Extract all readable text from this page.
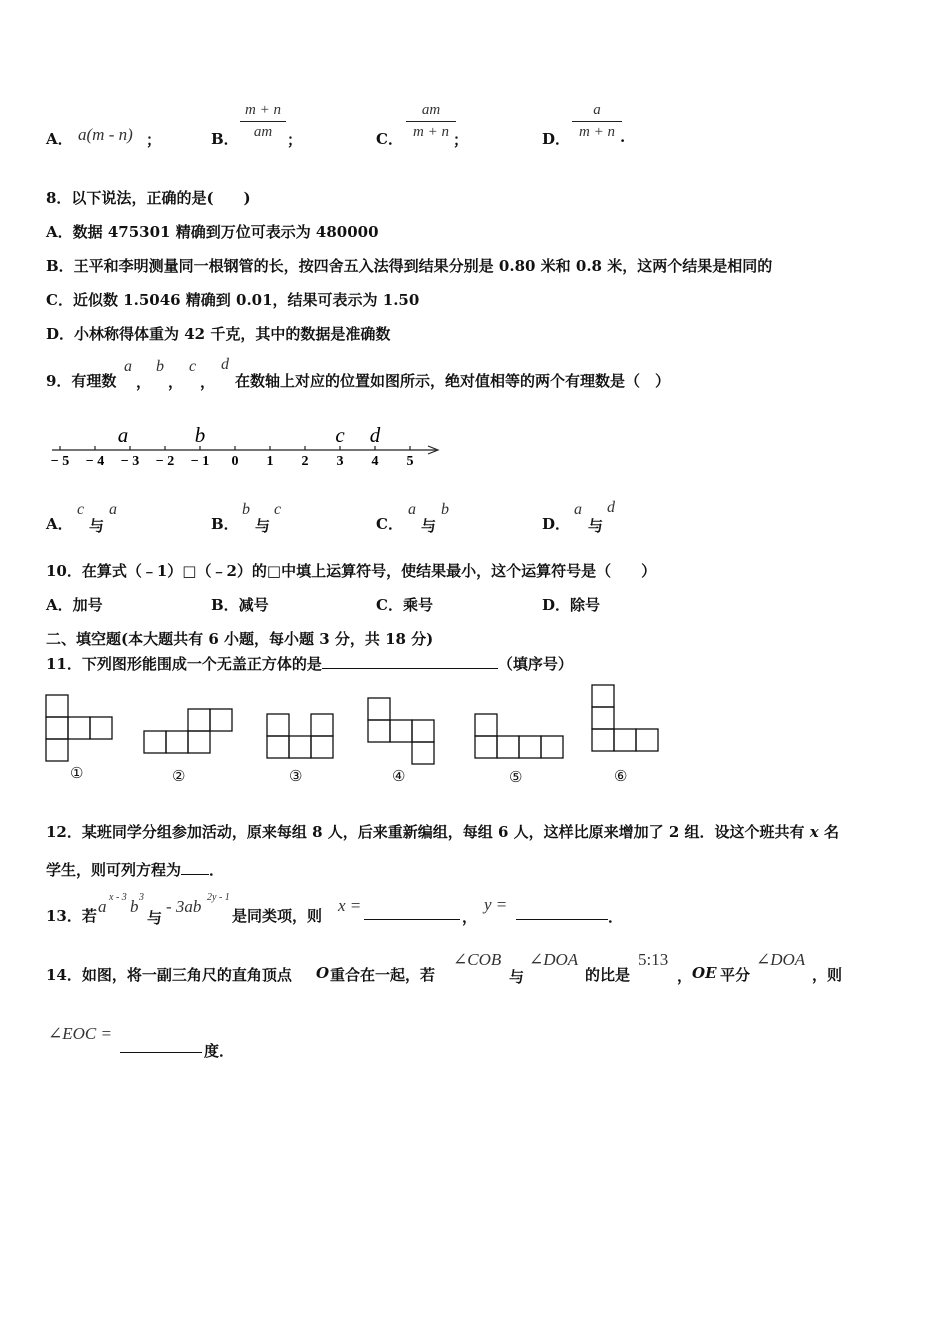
A． a(m - n) ；	B．
m + n
am ；	C．
am
m + n ；	D．
a
m + n .
8．以下说法，正确的是(　　)
A．数据 475301 精确到万位可表示为 480000
B．王平和李明测量同一根钢管的长，按四舍五入法得到结果分别是 0.80 米和 0.8 米，这两个结果是相同的
C．近似数 1.5046 精确到 0.01，结果可表示为 1.50
D．小林称得体重为 42 千克，其中的数据是准确数
9．有理数
a
，
b
，
c
，
d
在数轴上对应的位置如图所示，绝对值相等的两个有理数是（　）
− 5 − 4 − 3 − 2 − 1 0 1 2 3 4 5
a	b	c d
A．
c
与
a
B．
b
与
c
C．
a
与
b
D．
a
与
d
10．在算式（﹣1）□（﹣2）的□中填上运算符号，使结果最小，这个运算符号是（　　）
A．加号	B．减号	C．乘号	D．除号
二、填空题(本大题共有 6 小题，每小题 3 分，共 18 分)
11．下列图形能围成一个无盖正方体的是	（填序号）
①	②	③	④	⑤	⑥
12．某班同学分组参加活动，原来每组 8 人，后来重新编组，每组 6 人，这样比原来增加了 2 组．设这个班共有 x 名
学生，则可列方程为 ．
13．若 a x - 3 b 3
与
- 3ab 2y - 1
是同类项，则
x =
，
y =
．
14．如图，将一副三角尺的直角顶点 O 重合在一起，若
∠COB
与
∠DOA
的比是
5:13
， OE 平分
∠DOA
，则
∠EOC =
度．
